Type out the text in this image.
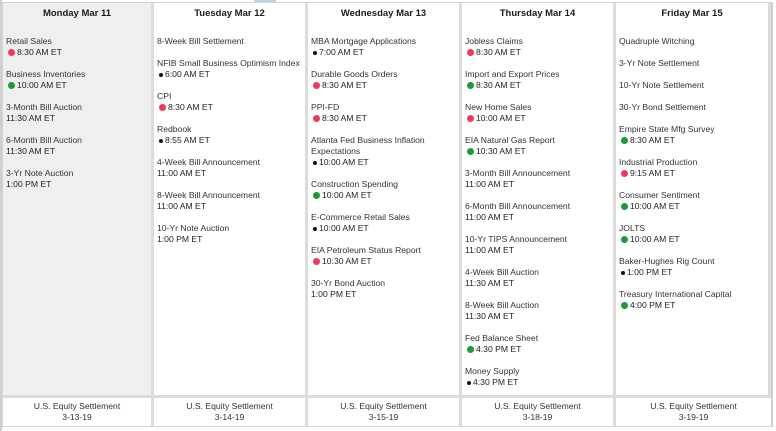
Monday Mar 11
Retail Sales
8:30 AM ET
Business Inventories
10:00 AM ET
3-Month Bill Auction
11:30 AM ET
6-Month Bill Auction
11:30 AM ET
3-Yr Note Auction
1:00 PM ET
Tuesday Mar 12
8-Week Bill Settlement
NFIB Small Business Optimism Index
6:00 AM ET
CPI
8:30 AM ET
Redbook
8:55 AM ET
4-Week Bill Announcement
11:00 AM ET
8-Week Bill Announcement
11:00 AM ET
10-Yr Note Auction
1:00 PM ET
Wednesday Mar 13
MBA Mortgage Applications
7:00 AM ET
Durable Goods Orders
8:30 AM ET
PPI-FD
8:30 AM ET
Atlanta Fed Business Inflation Expectations
10:00 AM ET
Construction Spending
10:00 AM ET
E-Commerce Retail Sales
10:00 AM ET
EIA Petroleum Status Report
10:30 AM ET
30-Yr Bond Auction
1:00 PM ET
Thursday Mar 14
Jobless Claims
8:30 AM ET
Import and Export Prices
8:30 AM ET
New Home Sales
10:00 AM ET
EIA Natural Gas Report
10:30 AM ET
3-Month Bill Announcement
11:00 AM ET
6-Month Bill Announcement
11:00 AM ET
10-Yr TIPS Announcement
11:00 AM ET
4-Week Bill Auction
11:30 AM ET
8-Week Bill Auction
11:30 AM ET
Fed Balance Sheet
4:30 PM ET
Money Supply
4:30 PM ET
Friday Mar 15
Quadruple Witching
3-Yr Note Settlement
10-Yr Note Settlement
30-Yr Bond Settlement
Empire State Mfg Survey
8:30 AM ET
Industrial Production
9:15 AM ET
Consumer Sentiment
10:00 AM ET
JOLTS
10:00 AM ET
Baker-Hughes Rig Count
1:00 PM ET
Treasury International Capital
4:00 PM ET
U.S. Equity Settlement
3-13-19
U.S. Equity Settlement
3-14-19
U.S. Equity Settlement
3-15-19
U.S. Equity Settlement
3-18-19
U.S. Equity Settlement
3-19-19
